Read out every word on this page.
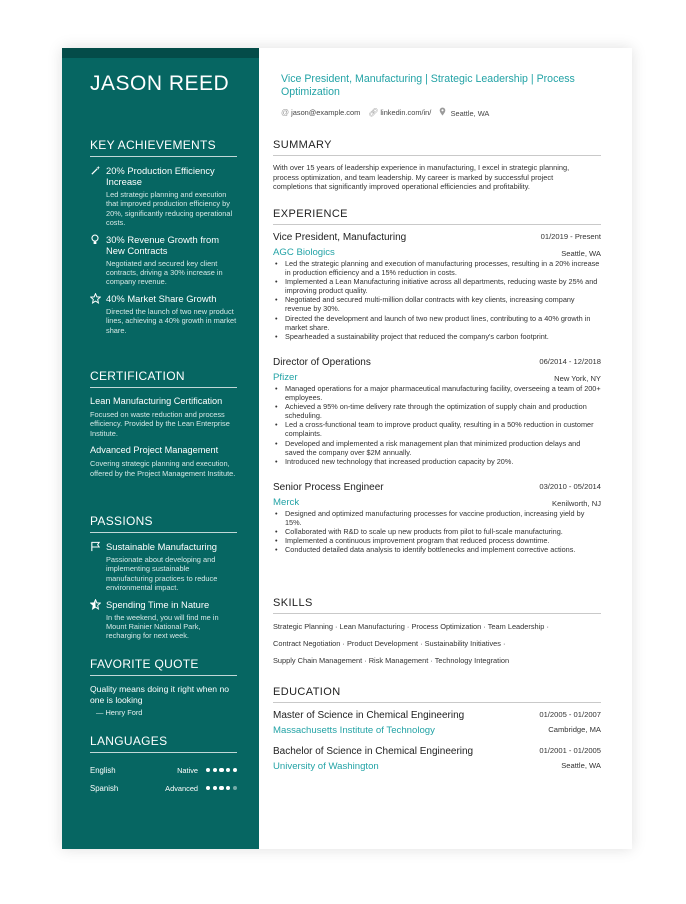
JASON REED
KEY ACHIEVEMENTS
20% Production Efficiency Increase
Led strategic planning and execution that improved production efficiency by 20%, significantly reducing operational costs.
30% Revenue Growth from New Contracts
Negotiated and secured key client contracts, driving a 30% increase in company revenue.
40% Market Share Growth
Directed the launch of two new product lines, achieving a 40% growth in market share.
CERTIFICATION
Lean Manufacturing Certification
Focused on waste reduction and process efficiency. Provided by the Lean Enterprise Institute.
Advanced Project Management
Covering strategic planning and execution, offered by the Project Management Institute.
PASSIONS
Sustainable Manufacturing
Passionate about developing and implementing sustainable manufacturing practices to reduce environmental impact.
Spending Time in Nature
In the weekend, you will find me in Mount Rainier National Park, recharging for next week.
FAVORITE QUOTE
Quality means doing it right when no one is looking
— Henry Ford
LANGUAGES
English	Native
Spanish	Advanced
Vice President, Manufacturing | Strategic Leadership | Process Optimization
@ jason@example.com 🔗︎ linkedin.com/in/	Seattle, WA
SUMMARY
With over 15 years of leadership experience in manufacturing, I excel in strategic planning, process optimization, and team leadership. My career is marked by successful project completions that significantly improved operational efficiencies and profitability.
EXPERIENCE
Vice President, Manufacturing	01/2019 - Present
AGC Biologics	Seattle, WA
• Led the strategic planning and execution of manufacturing processes, resulting in a 20% increase in production efficiency and a 15% reduction in costs.
• Implemented a Lean Manufacturing initiative across all departments, reducing waste by 25% and improving product quality.
• Negotiated and secured multi-million dollar contracts with key clients, increasing company revenue by 30%.
• Directed the development and launch of two new product lines, contributing to a 40% growth in market share.
• Spearheaded a sustainability project that reduced the company's carbon footprint.
Director of Operations	06/2014 - 12/2018
Pfizer	New York, NY
• Managed operations for a major pharmaceutical manufacturing facility, overseeing a team of 200+ employees.
• Achieved a 95% on-time delivery rate through the optimization of supply chain and production scheduling.
• Led a cross-functional team to improve product quality, resulting in a 50% reduction in customer complaints.
• Developed and implemented a risk management plan that minimized production delays and saved the company over $2M annually.
• Introduced new technology that increased production capacity by 20%.
Senior Process Engineer	03/2010 - 05/2014
Merck	Kenilworth, NJ
• Designed and optimized manufacturing processes for vaccine production, increasing yield by 15%.
• Collaborated with R&D to scale up new products from pilot to full-scale manufacturing.
• Implemented a continuous improvement program that reduced process downtime.
• Conducted detailed data analysis to identify bottlenecks and implement corrective actions.
SKILLS
Strategic Planning · Lean Manufacturing · Process Optimization · Team Leadership ·
Contract Negotiation · Product Development · Sustainability Initiatives ·
Supply Chain Management · Risk Management · Technology Integration
EDUCATION
Master of Science in Chemical Engineering	01/2005 - 01/2007
Massachusetts Institute of Technology	Cambridge, MA
Bachelor of Science in Chemical Engineering	01/2001 - 01/2005
University of Washington	Seattle, WA
